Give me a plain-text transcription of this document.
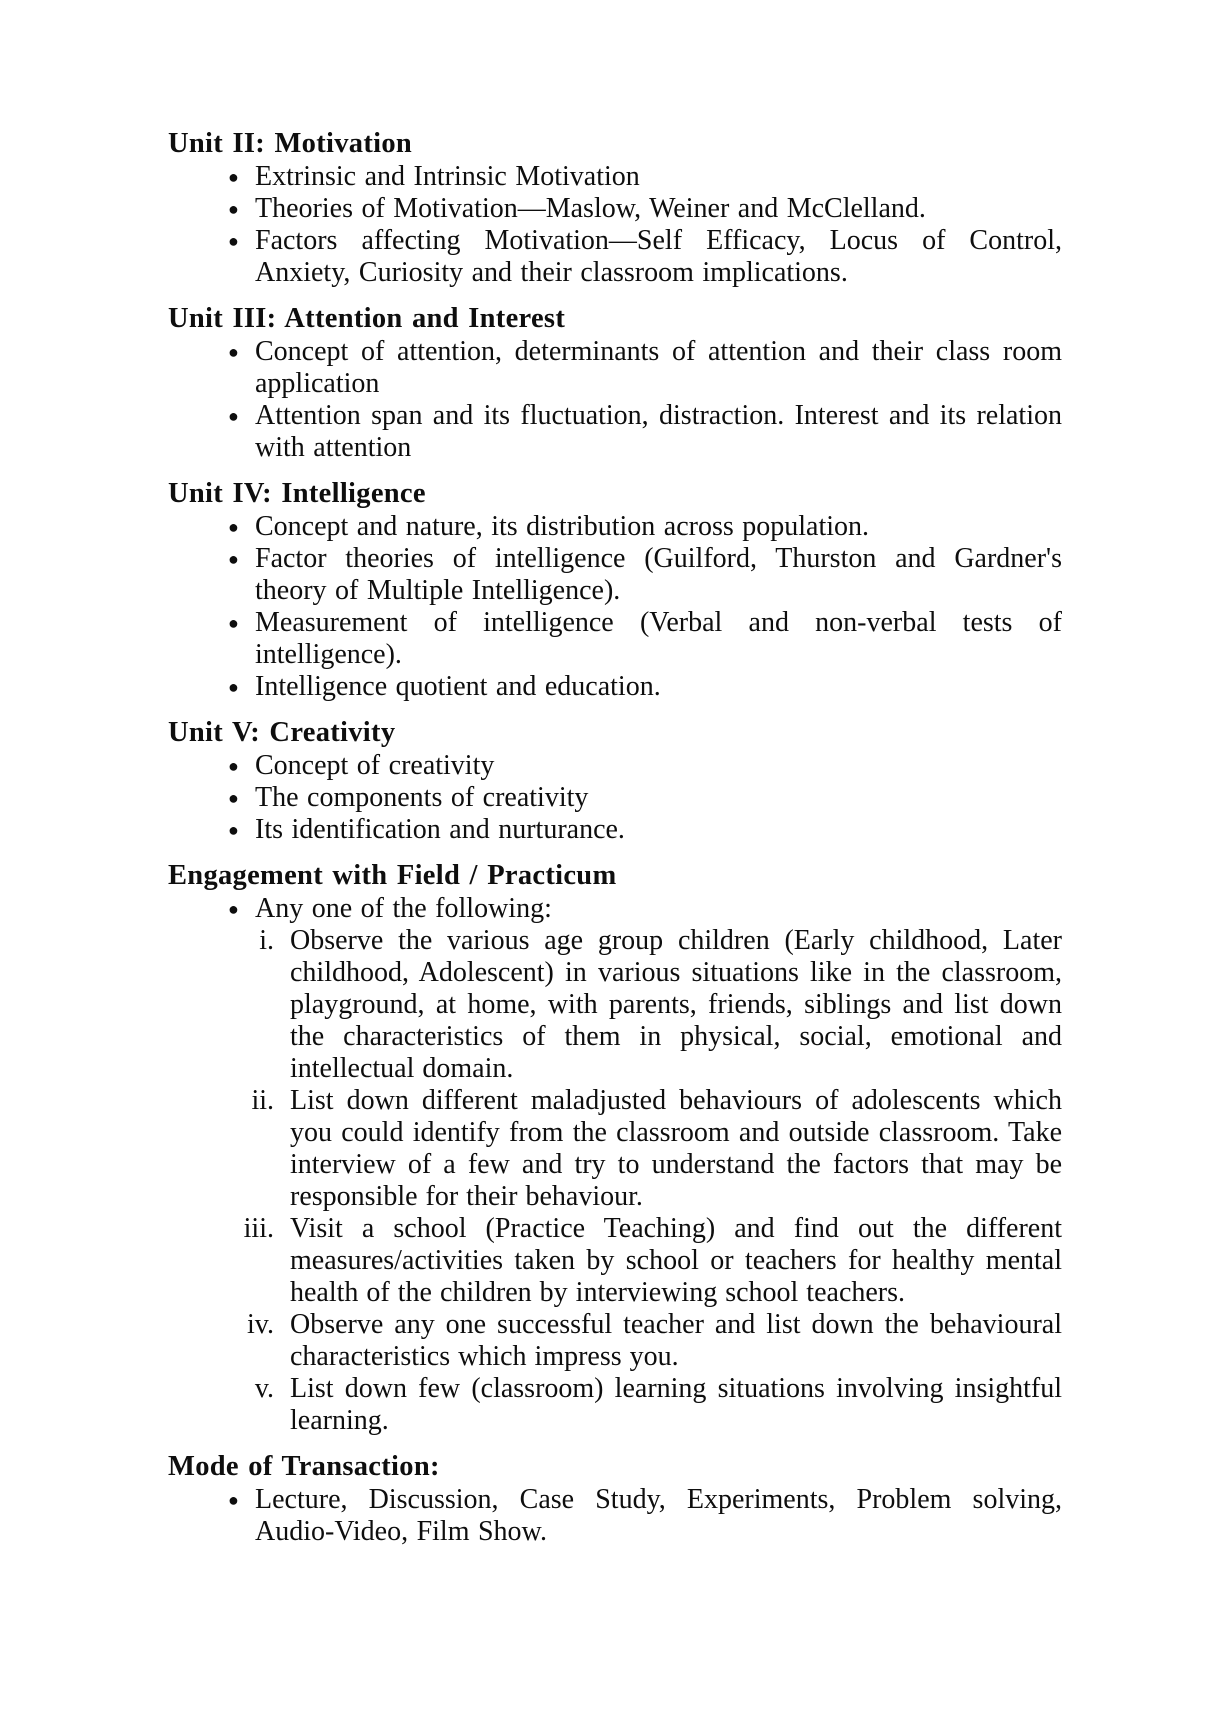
Unit II: Motivation
● Extrinsic and Intrinsic Motivation
● Theories of Motivation—Maslow, Weiner and McClelland.
● Factors affecting Motivation—Self Efficacy, Locus of Control, Anxiety, Curiosity and their classroom implications.
Unit III: Attention and Interest
● Concept of attention, determinants of attention and their class room application
● Attention span and its fluctuation, distraction. Interest and its relation with attention
Unit IV: Intelligence
● Concept and nature, its distribution across population.
● Factor theories of intelligence (Guilford, Thurston and Gardner's theory of Multiple Intelligence).
● Measurement of intelligence (Verbal and non-verbal tests of intelligence).
● Intelligence quotient and education.
Unit V: Creativity
● Concept of creativity
● The components of creativity
● Its identification and nurturance.
Engagement with Field / Practicum
● Any one of the following:
i. Observe the various age group children (Early childhood, Later childhood, Adolescent) in various situations like in the classroom, playground, at home, with parents, friends, siblings and list down the characteristics of them in physical, social, emotional and intellectual domain.
ii. List down different maladjusted behaviours of adolescents which you could identify from the classroom and outside classroom. Take interview of a few and try to understand the factors that may be responsible for their behaviour.
iii. Visit a school (Practice Teaching) and find out the different measures/activities taken by school or teachers for healthy mental health of the children by interviewing school teachers.
iv. Observe any one successful teacher and list down the behavioural characteristics which impress you.
v. List down few (classroom) learning situations involving insightful learning.
Mode of Transaction:
● Lecture, Discussion, Case Study, Experiments, Problem solving, Audio-Video, Film Show.
